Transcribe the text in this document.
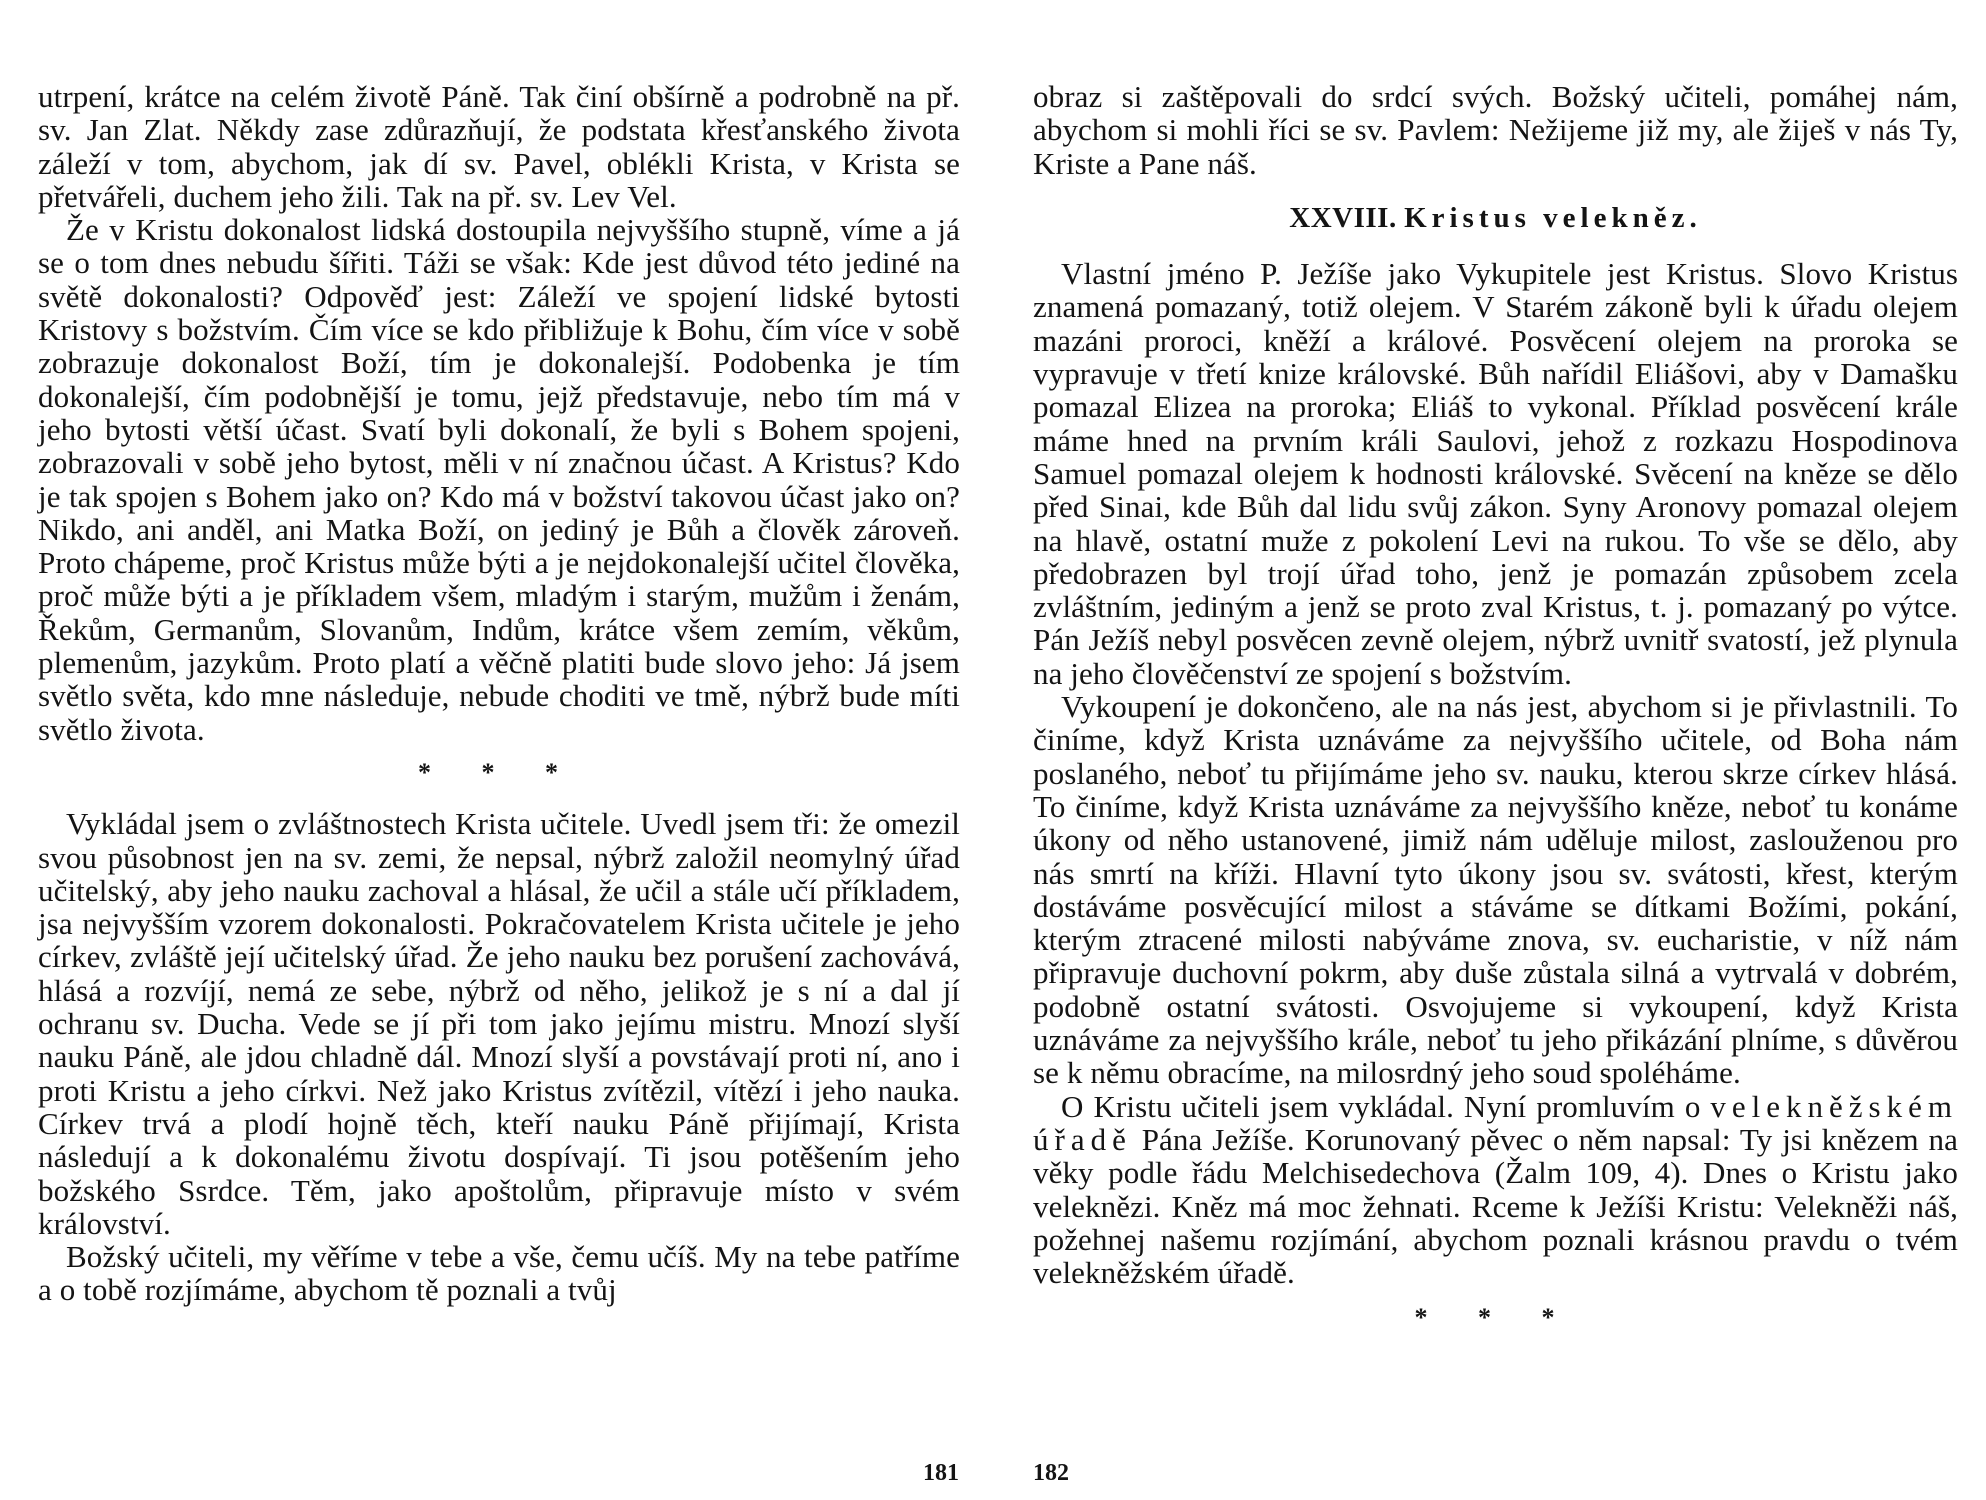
utrpení, krátce na celém životě Páně. Tak činí obšírně a podrobně na př. sv. Jan Zlat. Někdy zase zdůrazňují, že podstata křesťanského života záleží v tom, abychom, jak dí sv. Pavel, oblékli Krista, v Krista se přetvářeli, duchem jeho žili. Tak na př. sv. Lev Vel.

Že v Kristu dokonalost lidská dostoupila nejvyššího stupně, víme a já se o tom dnes nebudu šířiti. Táži se však: Kde jest důvod této jediné na světě dokonalosti? Odpověď jest: Záleží ve spojení lidské bytosti Kristovy s božstvím. Čím více se kdo přibližuje k Bohu, čím více v sobě zobrazuje dokonalost Boží, tím je dokonalejší. Podobenka je tím dokonalejší, čím podobnější je tomu, jejž představuje, nebo tím má v jeho bytosti větší účast. Svatí byli dokonalí, že byli s Bohem spojeni, zobrazovali v sobě jeho bytost, měli v ní značnou účast. A Kristus? Kdo je tak spojen s Bohem jako on? Kdo má v božství takovou účast jako on? Nikdo, ani anděl, ani Matka Boží, on jediný je Bůh a člověk zároveň. Proto chápeme, proč Kristus může býti a je nejdokonalejší učitel člověka, proč může býti a je příkladem všem, mladým i starým, mužům i ženám, Řekům, Germanům, Slovanům, Indům, krátce všem zemím, věkům, plemenům, jazykům. Proto platí a věčně platiti bude slovo jeho: Já jsem světlo světa, kdo mne následuje, nebude choditi ve tmě, nýbrž bude míti světlo života.

* * *

Vykládal jsem o zvláštnostech Krista učitele. Uvedl jsem tři: že omezil svou působnost jen na sv. zemi, že nepsal, nýbrž založil neomylný úřad učitelský, aby jeho nauku zachoval a hlásal, že učil a stále učí příkladem, jsa nejvyšším vzorem dokonalosti. Pokračovatelem Krista učitele je jeho církev, zvláště její učitelský úřad. Že jeho nauku bez porušení zachovává, hlásá a rozvíjí, nemá ze sebe, nýbrž od něho, jelikož je s ní a dal jí ochranu sv. Ducha. Vede se jí při tom jako jejímu mistru. Mnozí slyší nauku Páně, ale jdou chladně dál. Mnozí slyší a povstávají proti ní, ano i proti Kristu a jeho církvi. Než jako Kristus zvítězil, vítězí i jeho nauka. Církev trvá a plodí hojně těch, kteří nauku Páně přijímají, Krista následují a k dokonalému životu dospívají. Ti jsou potěšením jeho božského Ssrdce. Těm, jako apoštolům, připravuje místo v svém království.

Božský učiteli, my věříme v tebe a vše, čemu učíš. My na tebe patříme a o tobě rozjímáme, abychom tě poznali a tvůj

181

obraz si zaštěpovali do srdcí svých. Božský učiteli, pomáhej nám, abychom si mohli říci se sv. Pavlem: Nežijeme již my, ale žiješ v nás Ty, Kriste a Pane náš.

XXVIII. Kristus velekněz.

Vlastní jméno P. Ježíše jako Vykupitele jest Kristus. Slovo Kristus znamená pomazaný, totiž olejem. V Starém zákoně byli k úřadu olejem mazáni proroci, kněží a králové. Posvěcení olejem na proroka se vypravuje v třetí knize královské. Bůh nařídil Eliášovi, aby v Damašku pomazal Elizea na proroka; Eliáš to vykonal. Příklad posvěcení krále máme hned na prvním králi Saulovi, jehož z rozkazu Hospodinova Samuel pomazal olejem k hodnosti královské. Svěcení na kněze se dělo před Sinai, kde Bůh dal lidu svůj zákon. Syny Aronovy pomazal olejem na hlavě, ostatní muže z pokolení Levi na rukou. To vše se dělo, aby předobrazen byl trojí úřad toho, jenž je pomazán způsobem zcela zvláštním, jediným a jenž se proto zval Kristus, t. j. pomazaný po výtce. Pán Ježíš nebyl posvěcen zevně olejem, nýbrž uvnitř svatostí, jež plynula na jeho člověčenství ze spojení s božstvím.

Vykoupení je dokončeno, ale na nás jest, abychom si je přivlastnili. To činíme, když Krista uznáváme za nejvyššího učitele, od Boha nám poslaného, neboť tu přijímáme jeho sv. nauku, kterou skrze církev hlásá. To činíme, když Krista uznáváme za nejvyššího kněze, neboť tu konáme úkony od něho ustanovené, jimiž nám uděluje milost, zaslouženou pro nás smrtí na kříži. Hlavní tyto úkony jsou sv. svátosti, křest, kterým dostáváme posvěcující milost a stáváme se dítkami Božími, pokání, kterým ztracené milosti nabýváme znova, sv. eucharistie, v níž nám připravuje duchovní pokrm, aby duše zůstala silná a vytrvalá v dobrém, podobně ostatní svátosti. Osvojujeme si vykoupení, když Krista uznáváme za nejvyššího krále, neboť tu jeho přikázání plníme, s důvěrou se k němu obracíme, na milosrdný jeho soud spoléháme.

O Kristu učiteli jsem vykládal. Nyní promluvím o velekněžském úřadě Pána Ježíše. Korunovaný pěvec o něm napsal: Ty jsi knězem na věky podle řádu Melchisedechova (Žalm 109, 4). Dnes o Kristu jako veleknězi. Kněz má moc žehnati. Rceme k Ježíši Kristu: Velekněži náš, požehnej našemu rozjímání, abychom poznali krásnou pravdu o tvém velekněžském úřadě.

* * *
182
